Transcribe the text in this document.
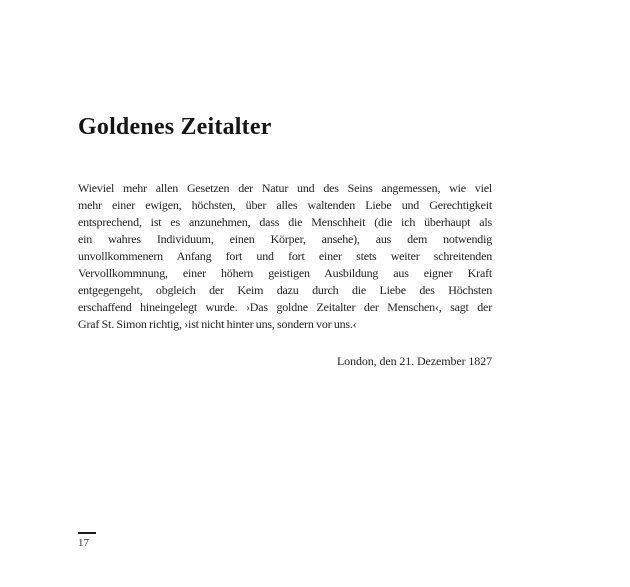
Goldenes Zeitalter
Wieviel mehr allen Gesetzen der Natur und des Seins angemessen, wie viel
mehr einer ewigen, höchsten, über alles waltenden Liebe und Gerechtigkeit
entsprechend, ist es anzunehmen, dass die Menschheit (die ich überhaupt als
ein wahres Individuum, einen Körper, ansehe), aus dem notwendig
unvollkommenern Anfang fort und fort einer stets weiter schreitenden
Vervollkommnung, einer höhern geistigen Ausbildung aus eigner Kraft
entgegengeht, obgleich der Keim dazu durch die Liebe des Höchsten
erschaffend hineingelegt wurde. ›Das goldne Zeitalter der Menschen‹, sagt der
Graf St. Simon richtig, ›ist nicht hinter uns, sondern vor uns.‹
London, den 21. Dezember 1827
17
